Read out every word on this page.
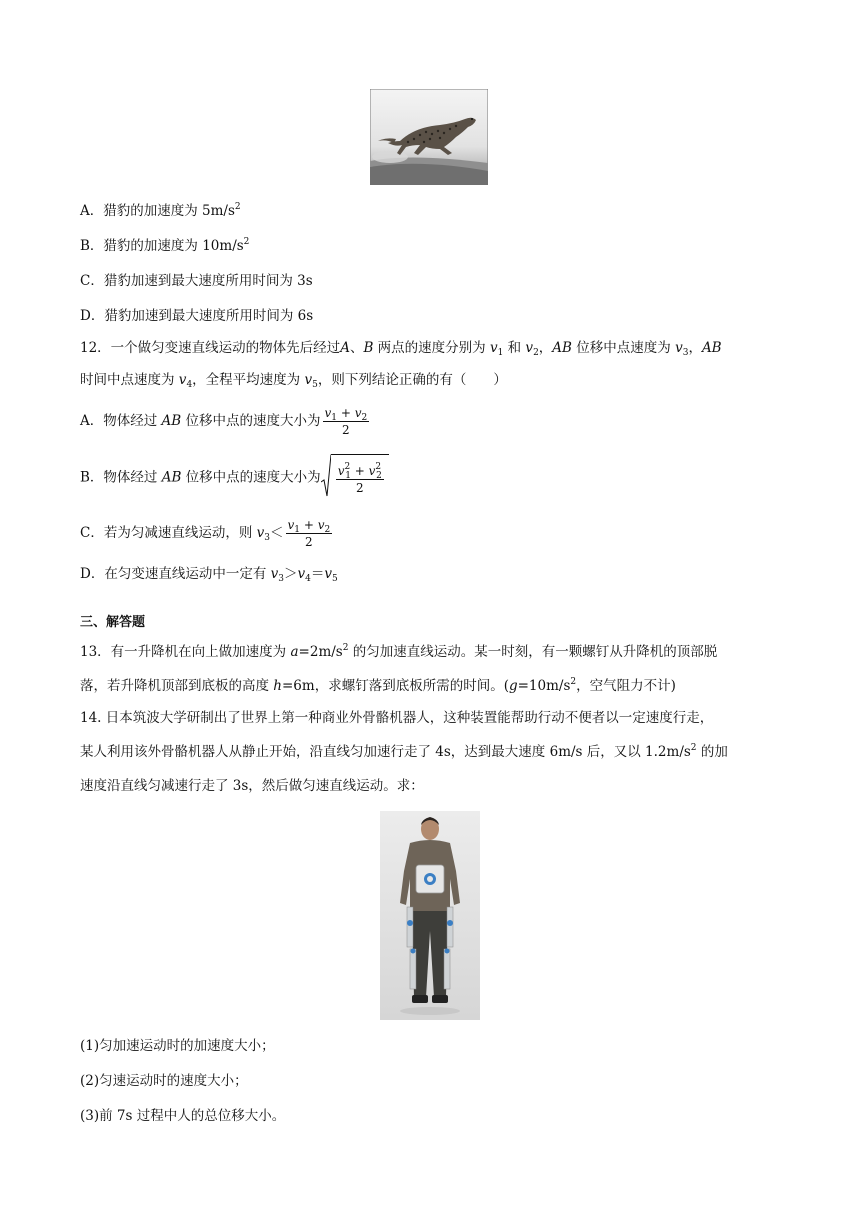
A．猎豹的加速度为 $5m/s^2$
B．猎豹的加速度为 $10m/s^2$
C．猎豹加速到最大速度所用时间为 3s
D．猎豹加速到最大速度所用时间为 6s
12．一个做匀变速直线运动的物体先后经过A、B 两点的速度分别为 $v_1$ 和 $v_2$，AB 位移中点速度为 $v_3$，AB
时间中点速度为 $v_4$，全程平均速度为 $v_5$，则下列结论正确的有（　　）
A．物体经过 AB 位移中点的速度大小为 $\frac{v_1 + v_2}{2}$
B．物体经过 AB 位移中点的速度大小为 $\frac{v^2_1 + v^2_2}{2}$
C．若为匀减速直线运动，则 $v_3< \frac{v_1 + v_2}{2}$
D．在匀变速直线运动中一定有 $v_3>v_4=v_5$
三、解答题
13．有一升降机在向上做加速度为 $a=2m/s^2$ 的匀加速直线运动。某一时刻，有一颗螺钉从升降机的顶部脱
落，若升降机顶部到底板的高度 h=6m，求螺钉落到底板所需的时间。($g=10m/s^2$，空气阻力不计)
14. 日本筑波大学研制出了世界上第一种商业外骨骼机器人，这种装置能帮助行动不便者以一定速度行走，
某人利用该外骨骼机器人从静止开始，沿直线匀加速行走了 4s，达到最大速度 6m/s 后，又以 $1.2m/s^2$ 的加
速度沿直线匀减速行走了 3s，然后做匀速直线运动。求：
(1)匀加速运动时的加速度大小；
(2)匀速运动时的速度大小；
(3)前 7s 过程中人的总位移大小。
